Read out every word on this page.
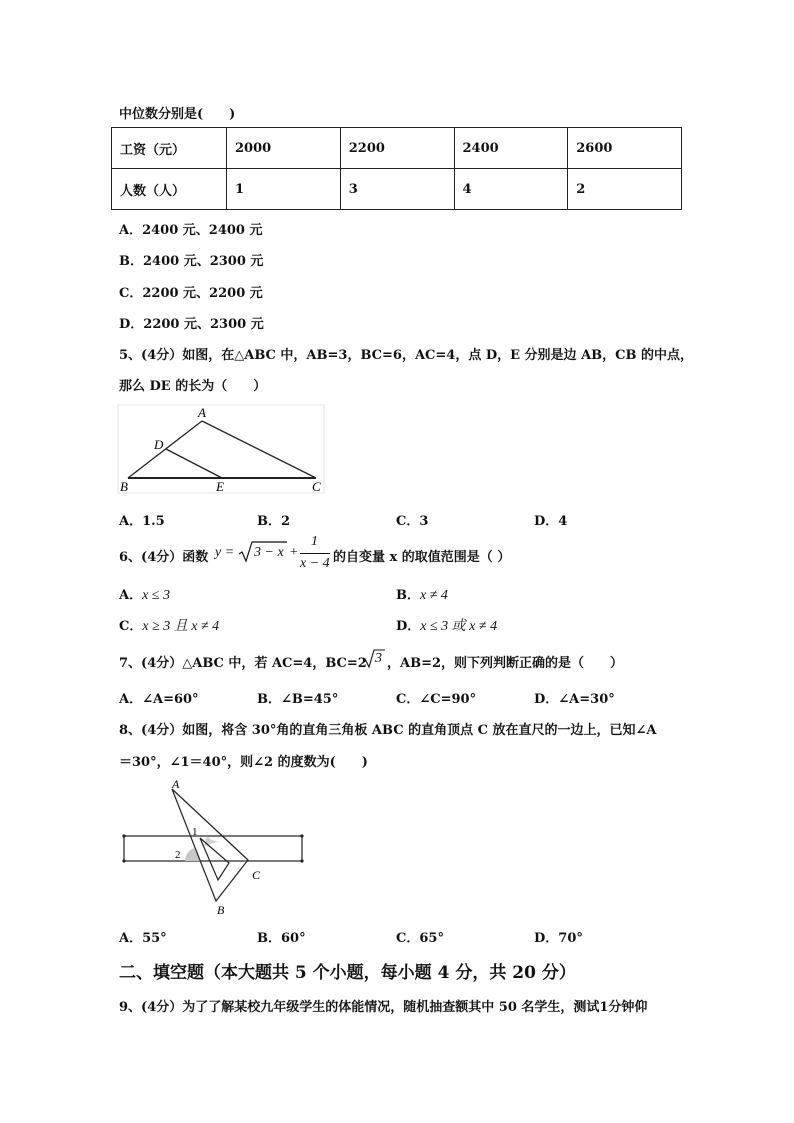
中位数分别是(　　)
工资（元）	2000	2200	2400	2600
人数（人）	1	3	4	2
A．2400 元、2400 元
B．2400 元、2300 元
C．2200 元、2200 元
D．2200 元、2300 元
5、(4分）如图，在△ABC 中，AB=3，BC=6，AC=4，点 D，E 分别是边 AB，CB 的中点，
那么 DE 的长为（　　）
A
D
B	E	C
A．1.5	B．2	C．3	D．4
6、(4分）函数 y = 3 − x +
1
x − 4 的自变量 x 的取值范围是（ ）
A．x ≤ 3	B．x ≠ 4
C．x ≥ 3 且 x ≠ 4	D．x ≤ 3 或 x ≠ 4
7、(4分）△ABC 中，若 AC=4，BC=2 3 ，AB=2，则下列判断正确的是（　　）
A．∠A=60°	B．∠B=45°	C．∠C=90°	D．∠A=30°
8、(4分）如图，将含 30°角的直角三角板 ABC 的直角顶点 C 放在直尺的一边上，已知∠A
＝30°，∠1＝40°，则∠2 的度数为(　　)
A
1
2
C
B
A．55°	B．60°	C．65°	D．70°
二、填空题（本大题共 5 个小题，每小题 4 分，共 20 分）
9、(4分）为了了解某校九年级学生的体能情况，随机抽查额其中 50 名学生，测试1分钟仰
